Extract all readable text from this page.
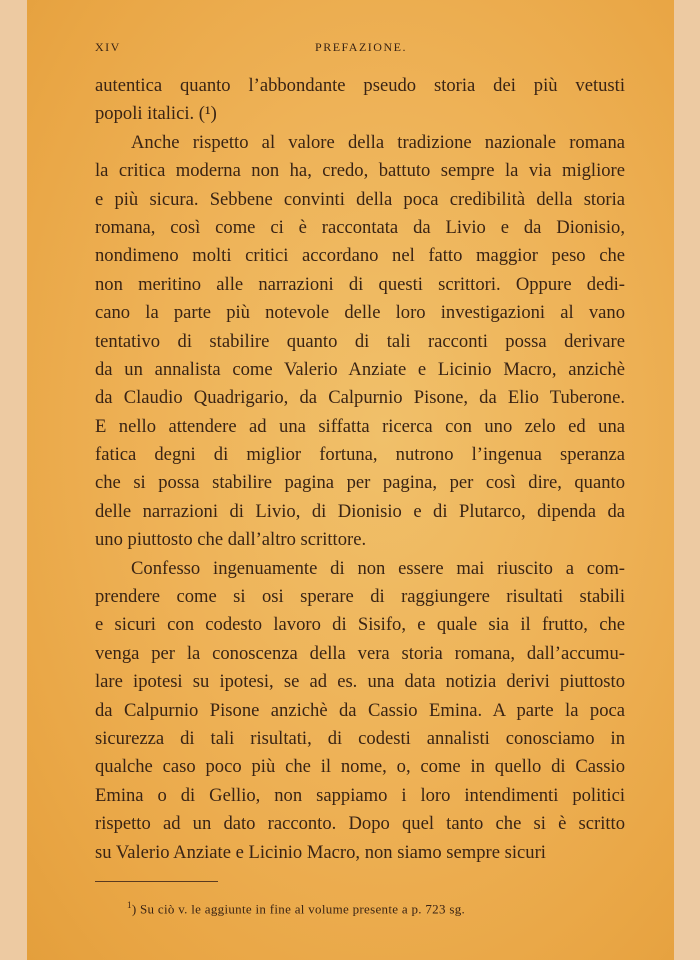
XIV	PREFAZIONE.
autentica quanto l’abbondante pseudo storia dei più vetusti
popoli italici. (¹)
Anche rispetto al valore della tradizione nazionale romana
la critica moderna non ha, credo, battuto sempre la via migliore
e più sicura. Sebbene convinti della poca credibilità della storia
romana, così come ci è raccontata da Livio e da Dionisio,
nondimeno molti critici accordano nel fatto maggior peso che
non meritino alle narrazioni di questi scrittori. Oppure dedi-
cano la parte più notevole delle loro investigazioni al vano
tentativo di stabilire quanto di tali racconti possa derivare
da un annalista come Valerio Anziate e Licinio Macro, anzichè
da Claudio Quadrigario, da Calpurnio Pisone, da Elio Tuberone.
E nello attendere ad una siffatta ricerca con uno zelo ed una
fatica degni di miglior fortuna, nutrono l’ingenua speranza
che si possa stabilire pagina per pagina, per così dire, quanto
delle narrazioni di Livio, di Dionisio e di Plutarco, dipenda da
uno piuttosto che dall’altro scrittore.
Confesso ingenuamente di non essere mai riuscito a com-
prendere come si osi sperare di raggiungere risultati stabili
e sicuri con codesto lavoro di Sisifo, e quale sia il frutto, che
venga per la conoscenza della vera storia romana, dall’accumu-
lare ipotesi su ipotesi, se ad es. una data notizia derivi piuttosto
da Calpurnio Pisone anzichè da Cassio Emina. A parte la poca
sicurezza di tali risultati, di codesti annalisti conosciamo in
qualche caso poco più che il nome, o, come in quello di Cassio
Emina o di Gellio, non sappiamo i loro intendimenti politici
rispetto ad un dato racconto. Dopo quel tanto che si è scritto
su Valerio Anziate e Licinio Macro, non siamo sempre sicuri
$^1$) Su ciò v. le aggiunte in fine al volume presente a p. 723 sg.
